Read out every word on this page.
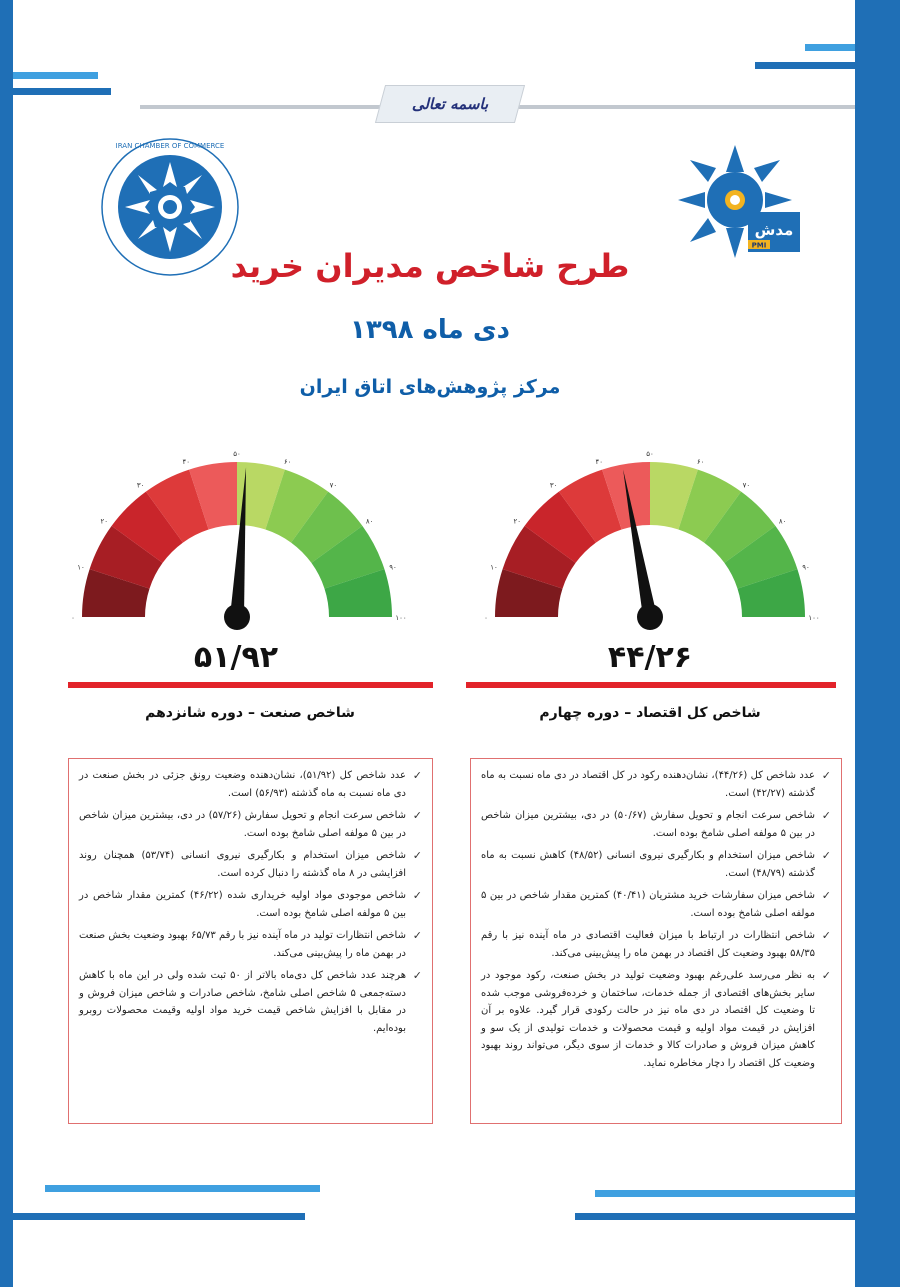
باسمه تعالی
IRAN CHAMBER OF COMMERCE
مدش
PMI
طرح شاخص مدیران خرید
دی ماه ۱۳۹۸
مرکز پژوهش‌های اتاق ایران
۰
۱۰
۲۰
۳۰
۴۰
۵۰
۶۰
۷۰
۸۰
۹۰
۱۰۰	۰
۱۰
۲۰
۳۰
۴۰
۵۰
۶۰
۷۰
۸۰
۹۰
۱۰۰
۵۱/۹۲	۴۴/۲۶
شاخص صنعت – دوره شانزدهم	شاخص کل اقتصاد – دوره چهارم
✓
عدد شاخص کل (۵۱/۹۲)، نشان‌دهنده وضعیت رونق جزئی در بخش صنعت در دی ماه نسبت به ماه گذشته (۵۶/۹۳) است.
✓
شاخص سرعت انجام و تحویل سفارش (۵۷/۲۶) در دی، بیشترین میزان شاخص در بین ۵ مولفه اصلی شامخ بوده است.
✓
شاخص میزان استخدام و بکارگیری نیروی انسانی (۵۳/۷۴) همچنان روند افزایشی در ۸ ماه گذشته را دنبال کرده است.
✓
شاخص موجودی مواد اولیه خریداری شده (۴۶/۲۲) کمترین مقدار شاخص در بین ۵ مولفه اصلی شامخ بوده است.
✓
شاخص انتظارات تولید در ماه آینده نیز با رقم ۶۵/۷۳ بهبود وضعیت بخش صنعت در بهمن ماه را پیش‌بینی می‌کند.
✓
هرچند عدد شاخص کل دی‌ماه بالاتر از ۵۰ ثبت شده ولی در این ماه با کاهش دسته‌جمعی ۵ شاخص اصلی شامخ، شاخص صادرات و شاخص میزان فروش و در مقابل با افزایش شاخص قیمت خرید مواد اولیه وقیمت محصولات روبرو بوده‌ایم.
✓
عدد شاخص کل (۴۴/۲۶)، نشان‌دهنده رکود در کل اقتصاد در دی ماه نسبت به ماه گذشته (۴۲/۲۷) است.
✓
شاخص سرعت انجام و تحویل سفارش (۵۰/۶۷) در دی، بیشترین میزان شاخص در بین ۵ مولفه اصلی شامخ بوده است.
✓
شاخص میزان استخدام و بکارگیری نیروی انسانی (۴۸/۵۲) کاهش نسبت به ماه گذشته (۴۸/۷۹) است.
✓
شاخص میزان سفارشات خرید مشتریان (۴۰/۴۱) کمترین مقدار شاخص در بین ۵ مولفه اصلی شامخ بوده است.
✓
شاخص انتظارات در ارتباط با میزان فعالیت اقتصادی در ماه آینده نیز با رقم ۵۸/۳۵ بهبود وضعیت کل اقتصاد در بهمن ماه را پیش‌بینی می‌کند.
✓
به نظر می‌رسد علی‌رغم بهبود وضعیت تولید در بخش صنعت، رکود موجود در سایر بخش‌های اقتصادی از جمله خدمات، ساختمان و خرده‌فروشی موجب شده تا وضعیت کل اقتصاد در دی ماه نیز در حالت رکودی قرار گیرد. علاوه بر آن افزایش در قیمت مواد اولیه و قیمت محصولات و خدمات تولیدی از یک سو و کاهش میزان فروش و صادرات کالا و خدمات از سوی دیگر، می‌تواند روند بهبود وضعیت کل اقتصاد را دچار مخاطره نماید.
